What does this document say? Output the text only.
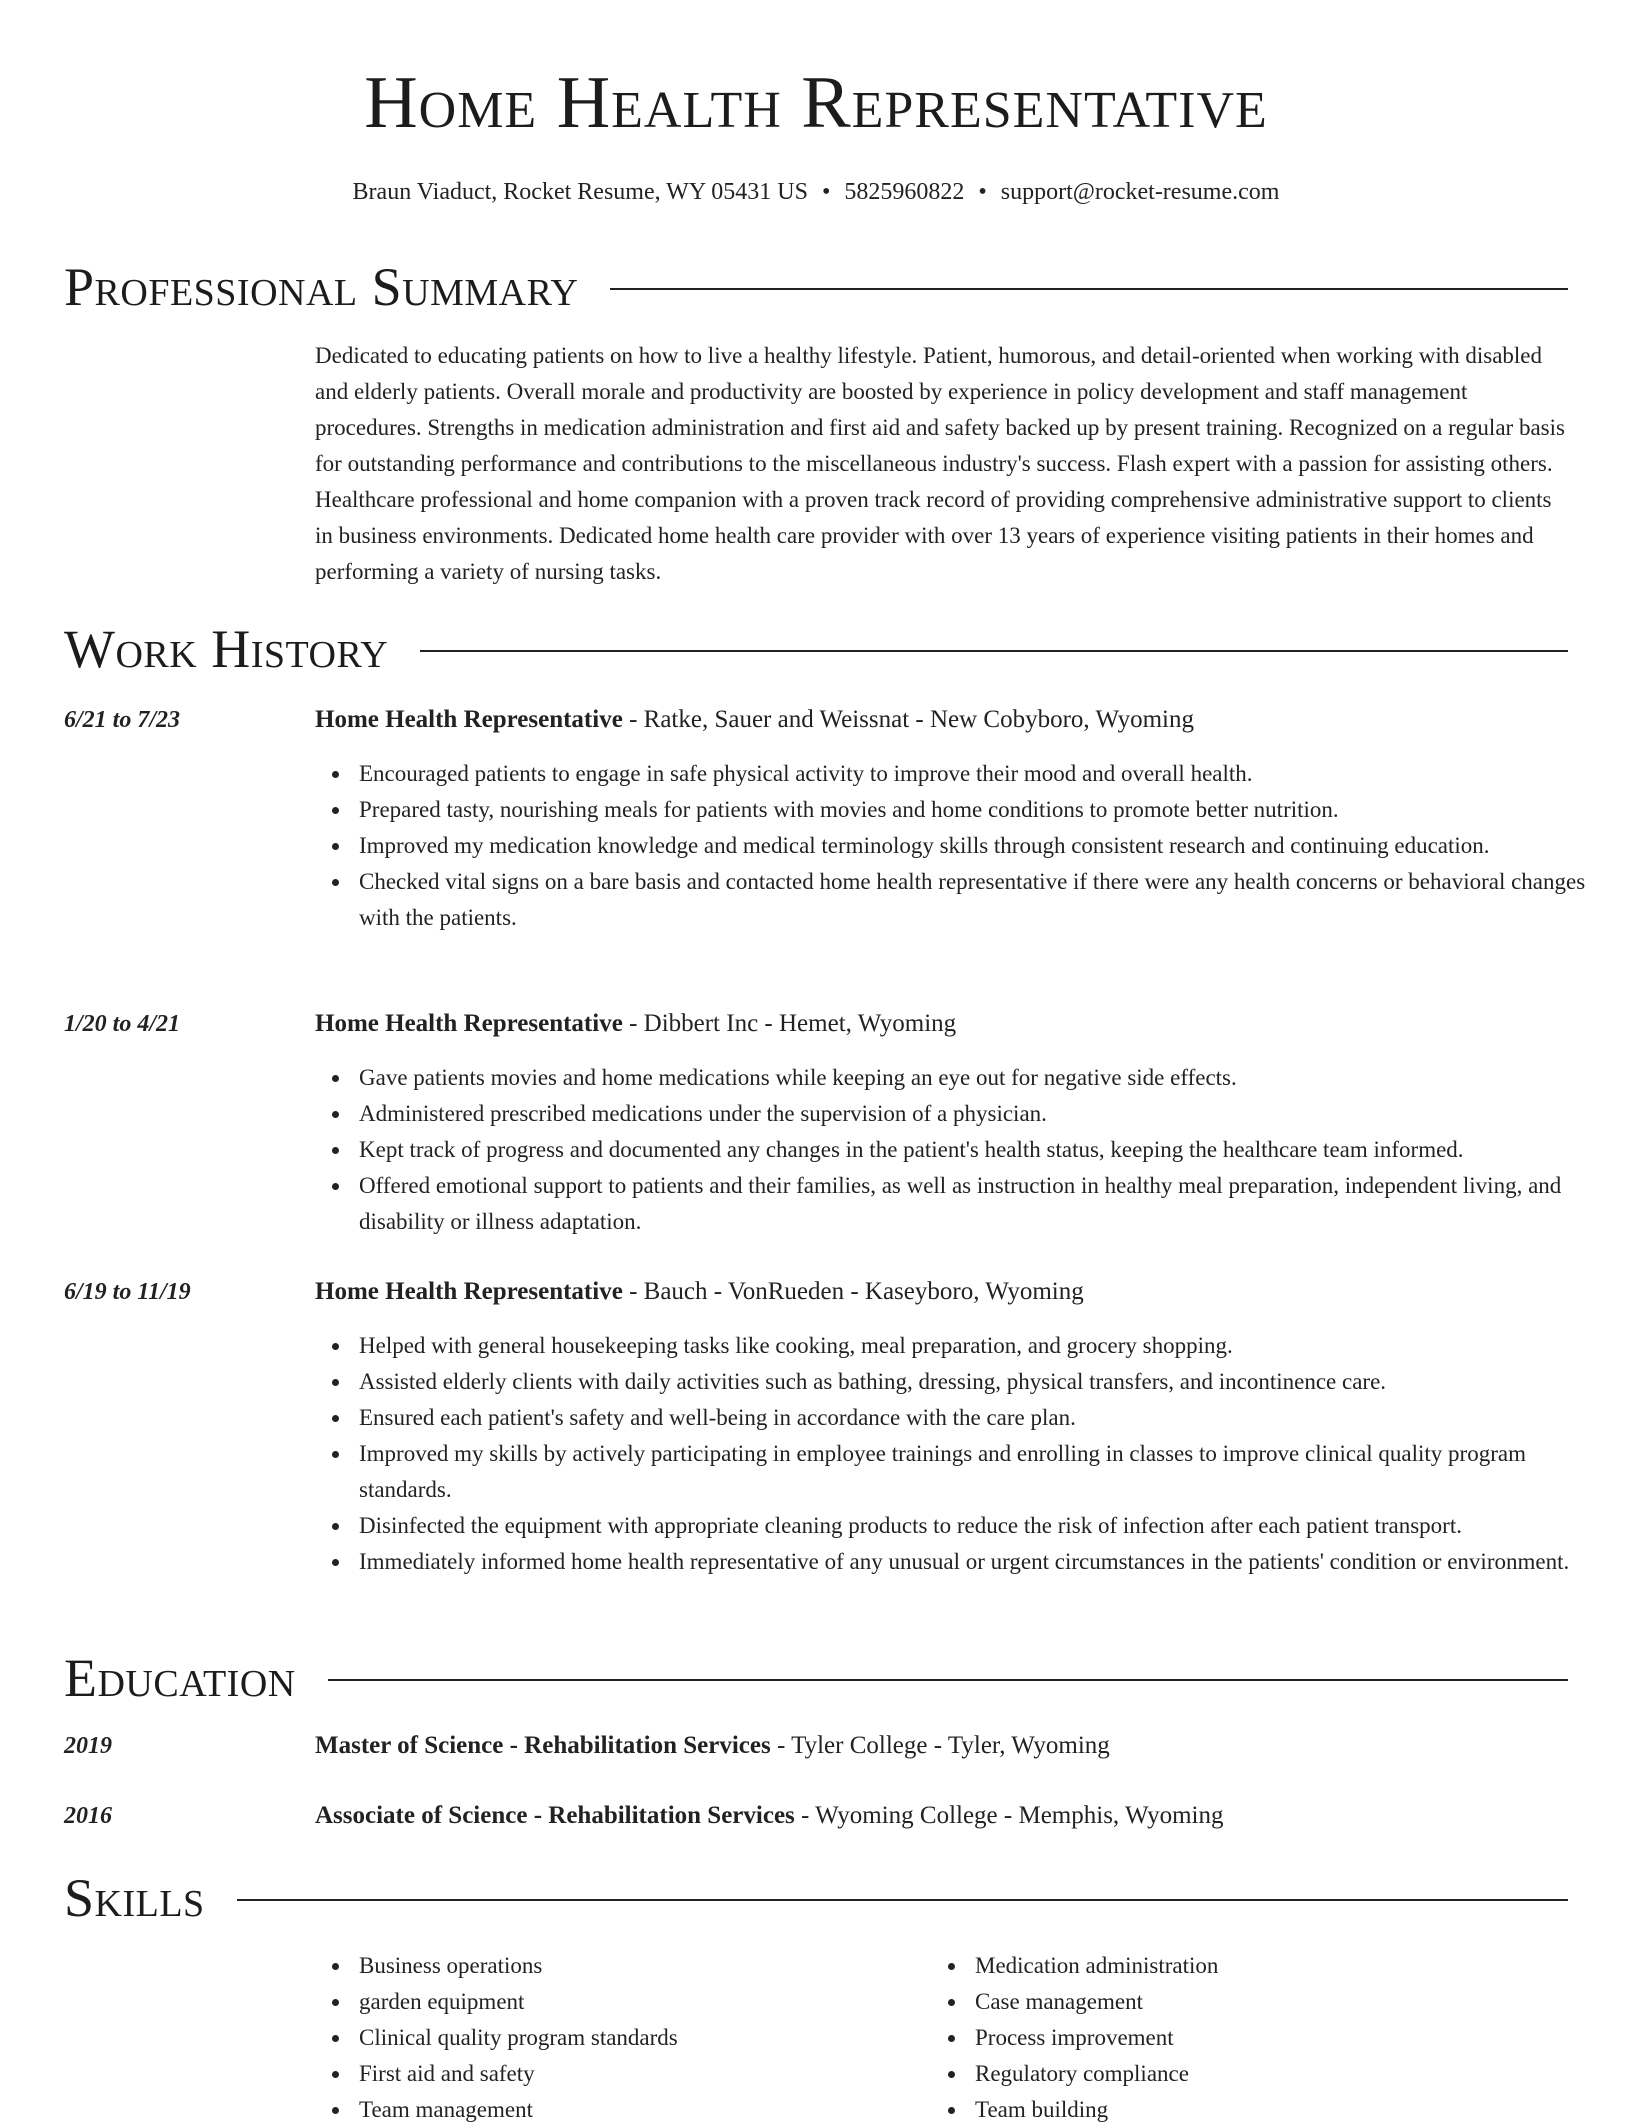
Home Health Representative
Braun Viaduct, Rocket Resume, WY 05431 US • 5825960822 • support@rocket-resume.com
Professional Summary

Dedicated to educating patients on how to live a healthy lifestyle. Patient, humorous, and detail-oriented when working with disabled and elderly patients. Overall morale and productivity are boosted by experience in policy development and staff management procedures. Strengths in medication administration and first aid and safety backed up by present training. Recognized on a regular basis for outstanding performance and contributions to the miscellaneous industry's success. Flash expert with a passion for assisting others. Healthcare professional and home companion with a proven track record of providing comprehensive administrative support to clients in business environments. Dedicated home health care provider with over 13 years of experience visiting patients in their homes and performing a variety of nursing tasks.

Work History
6/21 to 7/23	Home Health Representative - Ratke, Sauer and Weissnat - New Cobyboro, Wyoming
Encouraged patients to engage in safe physical activity to improve their mood and overall health.
Prepared tasty, nourishing meals for patients with movies and home conditions to promote better nutrition.
Improved my medication knowledge and medical terminology skills through consistent research and continuing education.
Checked vital signs on a bare basis and contacted home health representative if there were any health concerns or behavioral changes with the patients.
1/20 to 4/21	Home Health Representative - Dibbert Inc - Hemet, Wyoming
Gave patients movies and home medications while keeping an eye out for negative side effects.
Administered prescribed medications under the supervision of a physician.
Kept track of progress and documented any changes in the patient's health status, keeping the healthcare team informed.
Offered emotional support to patients and their families, as well as instruction in healthy meal preparation, independent living, and disability or illness adaptation.
6/19 to 11/19	Home Health Representative - Bauch - VonRueden - Kaseyboro, Wyoming
Helped with general housekeeping tasks like cooking, meal preparation, and grocery shopping.
Assisted elderly clients with daily activities such as bathing, dressing, physical transfers, and incontinence care.
Ensured each patient's safety and well-being in accordance with the care plan.
Improved my skills by actively participating in employee trainings and enrolling in classes to improve clinical quality program standards.
Disinfected the equipment with appropriate cleaning products to reduce the risk of infection after each patient transport.
Immediately informed home health representative of any unusual or urgent circumstances in the patients' condition or environment.
Education
2019	Master of Science - Rehabilitation Services - Tyler College - Tyler, Wyoming
2016	Associate of Science - Rehabilitation Services - Wyoming College - Memphis, Wyoming
Skills
Business operations
garden equipment
Clinical quality program standards
First aid and safety
Team management
Medication administration
Case management
Process improvement
Regulatory compliance
Team building
